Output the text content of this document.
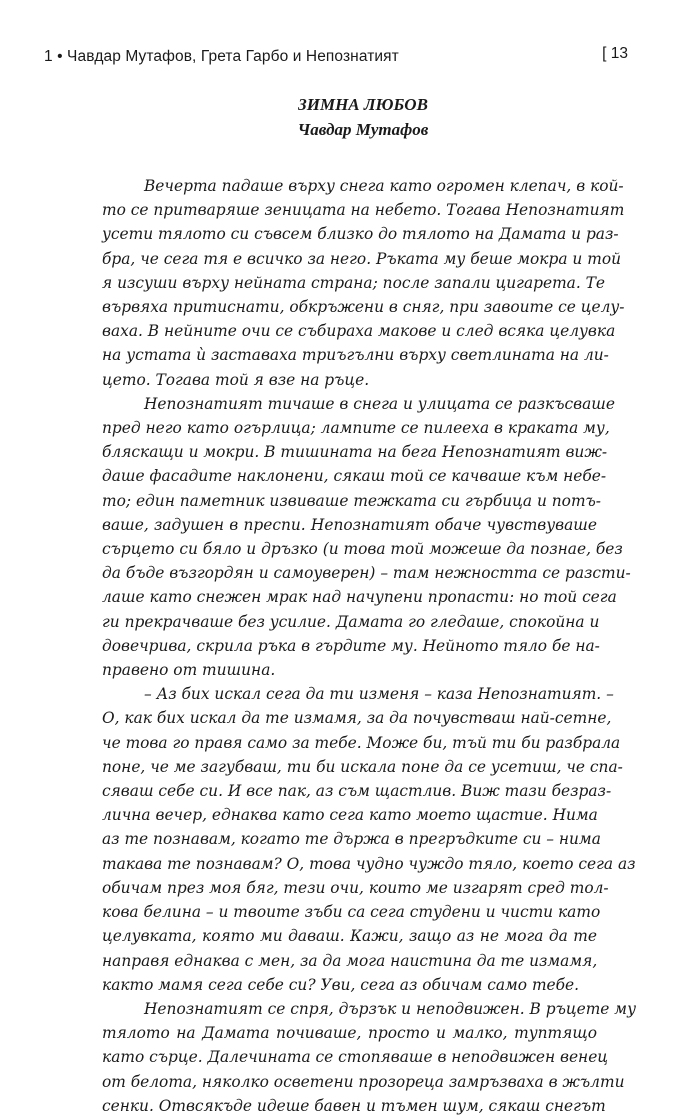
1 • Чавдар Мутафов, Грета Гарбо и Непознатият	[ 13
ЗИМНА ЛЮБОВ
Чавдар Мутафов
Вечерта падаше върху снега като огромен клепач, в кой-
то се притваряше зеницата на небето. Тогава Непознатият
усети тялото си съвсем близко до тялото на Дамата и раз-
бра, че сега тя е всичко за него. Ръката му беше мокра и той
я изсуши върху нейната страна; после запали цигарета. Те
вървяха притиснати, обкръжени в сняг, при завоите се целу-
ваха. В нейните очи се събираха макове и след всяка целувка
на устата ѝ заставаха триъгълни върху светлината на ли-
цето. Тогава той я взе на ръце.
Непознатият тичаше в снега и улицата се разкъсваше
пред него като огърлица; лампите се пилееха в краката му,
бляскащи и мокри. В тишината на бега Непознатият виж-
даше фасадите наклонени, сякаш той се качваше към небе-
то; един паметник извиваше тежката си гърбица и потъ-
ваше, задушен в преспи. Непознатият обаче чувствуваше
сърцето си бяло и дръзко (и това той можеше да познае, без
да бъде възгордян и самоуверен) – там нежността се разсти-
лаше като снежен мрак над начупени пропасти: но той сега
ги прекрачваше без усилие. Дамата го гледаше, спокойна и
довечрива, скрила ръка в гърдите му. Нейното тяло бе на-
правено от тишина.
– Аз бих искал сега да ти изменя – каза Непознатият. –
О, как бих искал да те измамя, за да почувстваш най-сетне,
че това го правя само за тебе. Може би, тъй ти би разбрала
поне, че ме загубваш, ти би искала поне да се усетиш, че спа-
сяваш себе си. И все пак, аз съм щастлив. Виж тази безраз-
лична вечер, еднаква като сега като моето щастие. Нима
аз те познавам, когато те държа в прегръдките си – нима
такава те познавам? О, това чудно чуждо тяло, което сега аз
обичам през моя бяг, тези очи, които ме изгарят сред тол-
кова белина – и твоите зъби са сега студени и чисти като
целувката, която ми даваш. Кажи, защо аз не мога да те
направя еднаква с мен, за да мога наистина да те измамя,
както мамя сега себе си? Уви, сега аз обичам само тебе.
Непознатият се спря, дързък и неподвижен. В ръцете му
тялото на Дамата почиваше, просто и малко, туптящо
като сърце. Далечината се стопяваше в неподвижен венец
от белота, няколко осветени прозореца замръзваха в жълти
сенки. Отвсякъде идеше бавен и тъмен шум, сякаш снегът
